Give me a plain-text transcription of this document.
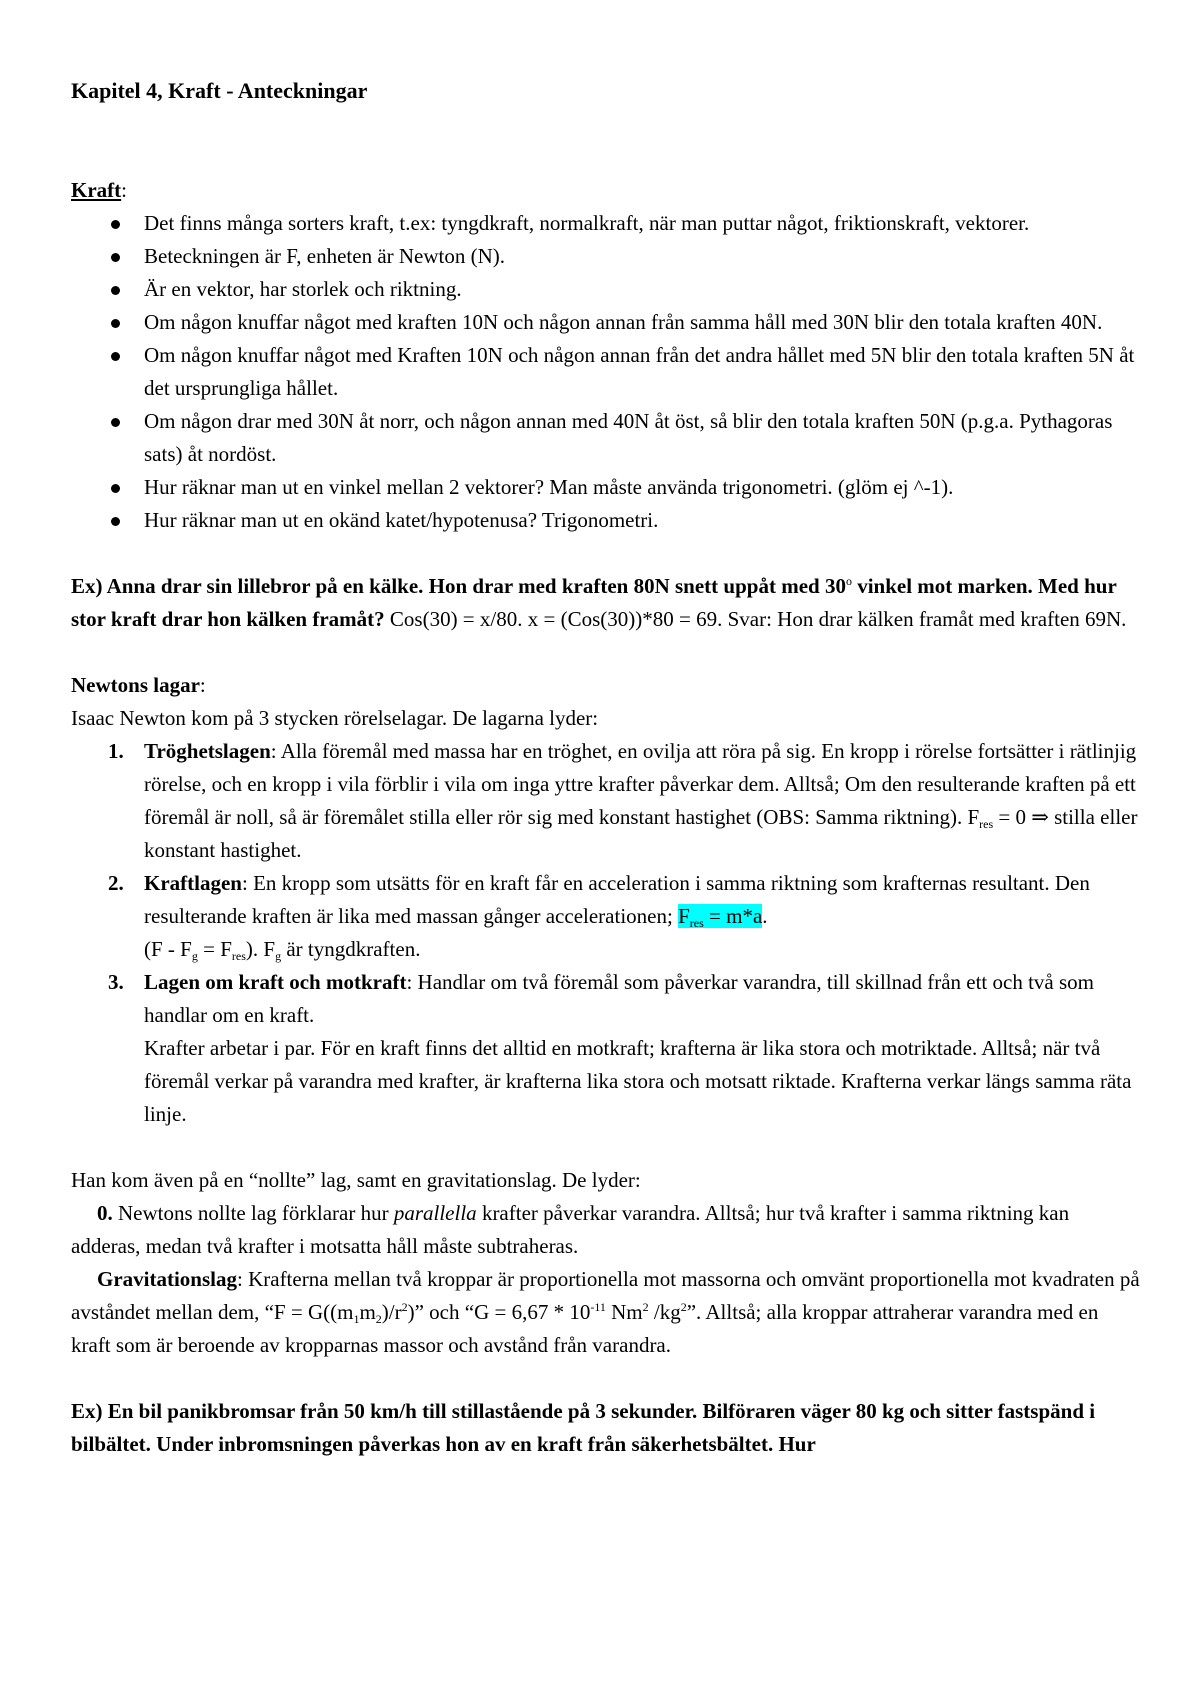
Kapitel 4, Kraft - Anteckningar
Kraft:
Det finns många sorters kraft, t.ex: tyngdkraft, normalkraft, när man puttar något, friktionskraft, vektorer.
Beteckningen är F, enheten är Newton (N).
Är en vektor, har storlek och riktning.
Om någon knuffar något med kraften 10N och någon annan från samma håll med 30N blir den totala kraften 40N.
Om någon knuffar något med Kraften 10N och någon annan från det andra hållet med 5N blir den totala kraften 5N åt det ursprungliga hållet.
Om någon drar med 30N åt norr, och någon annan med 40N åt öst, så blir den totala kraften 50N (p.g.a. Pythagoras sats) åt nordöst.
Hur räknar man ut en vinkel mellan 2 vektorer? Man måste använda trigonometri. (glöm ej ^-1).
Hur räknar man ut en okänd katet/hypotenusa? Trigonometri.
Ex) Anna drar sin lillebror på en kälke. Hon drar med kraften 80N snett uppåt med 30$^o$ vinkel mot marken. Med hur stor kraft drar hon kälken framåt? Cos(30) = x/80. x = (Cos(30))*80 = 69. Svar: Hon drar kälken framåt med kraften 69N.
Newtons lagar:
Isaac Newton kom på 3 stycken rörelselagar. De lagarna lyder:
1. Tröghetslagen: Alla föremål med massa har en tröghet, en ovilja att röra på sig. En kropp i rörelse fortsätter i rätlinjig rörelse, och en kropp i vila förblir i vila om inga yttre krafter påverkar dem. Alltså; Om den resulterande kraften på ett föremål är noll, så är föremålet stilla eller rör sig med konstant hastighet (OBS: Samma riktning). $F_{res} = 0$ ⇒ stilla eller konstant hastighet.
2. Kraftlagen: En kropp som utsätts för en kraft får en acceleration i samma riktning som krafternas resultant. Den resulterande kraften är lika med massan gånger accelerationen; $F_{res} = m*a$.
$(F - F_g = F_{res})$. $F_g$ är tyngdkraften.
3. Lagen om kraft och motkraft: Handlar om två föremål som påverkar varandra, till skillnad från ett och två som handlar om en kraft.
Krafter arbetar i par. För en kraft finns det alltid en motkraft; krafterna är lika stora och motriktade. Alltså; när två föremål verkar på varandra med krafter, är krafterna lika stora och motsatt riktade. Krafterna verkar längs samma räta linje.
Han kom även på en “nollte” lag, samt en gravitationslag. De lyder:
0. Newtons nollte lag förklarar hur parallella krafter påverkar varandra. Alltså; hur två krafter i samma riktning kan adderas, medan två krafter i motsatta håll måste subtraheras.
Gravitationslag: Krafterna mellan två kroppar är proportionella mot massorna och omvänt proportionella mot kvadraten på avståndet mellan dem, “$F = G((m_1m_2)/r^2)$” och “$G = 6,67 * 10^{-11}$ Nm$^2$ $/kg^2$”. Alltså; alla kroppar attraherar varandra med en kraft som är beroende av kropparnas massor och avstånd från varandra.
Ex) En bil panikbromsar från 50 km/h till stillastående på 3 sekunder. Bilföraren väger 80 kg och sitter fastspänd i bilbältet. Under inbromsningen påverkas hon av en kraft från säkerhetsbältet. Hur
